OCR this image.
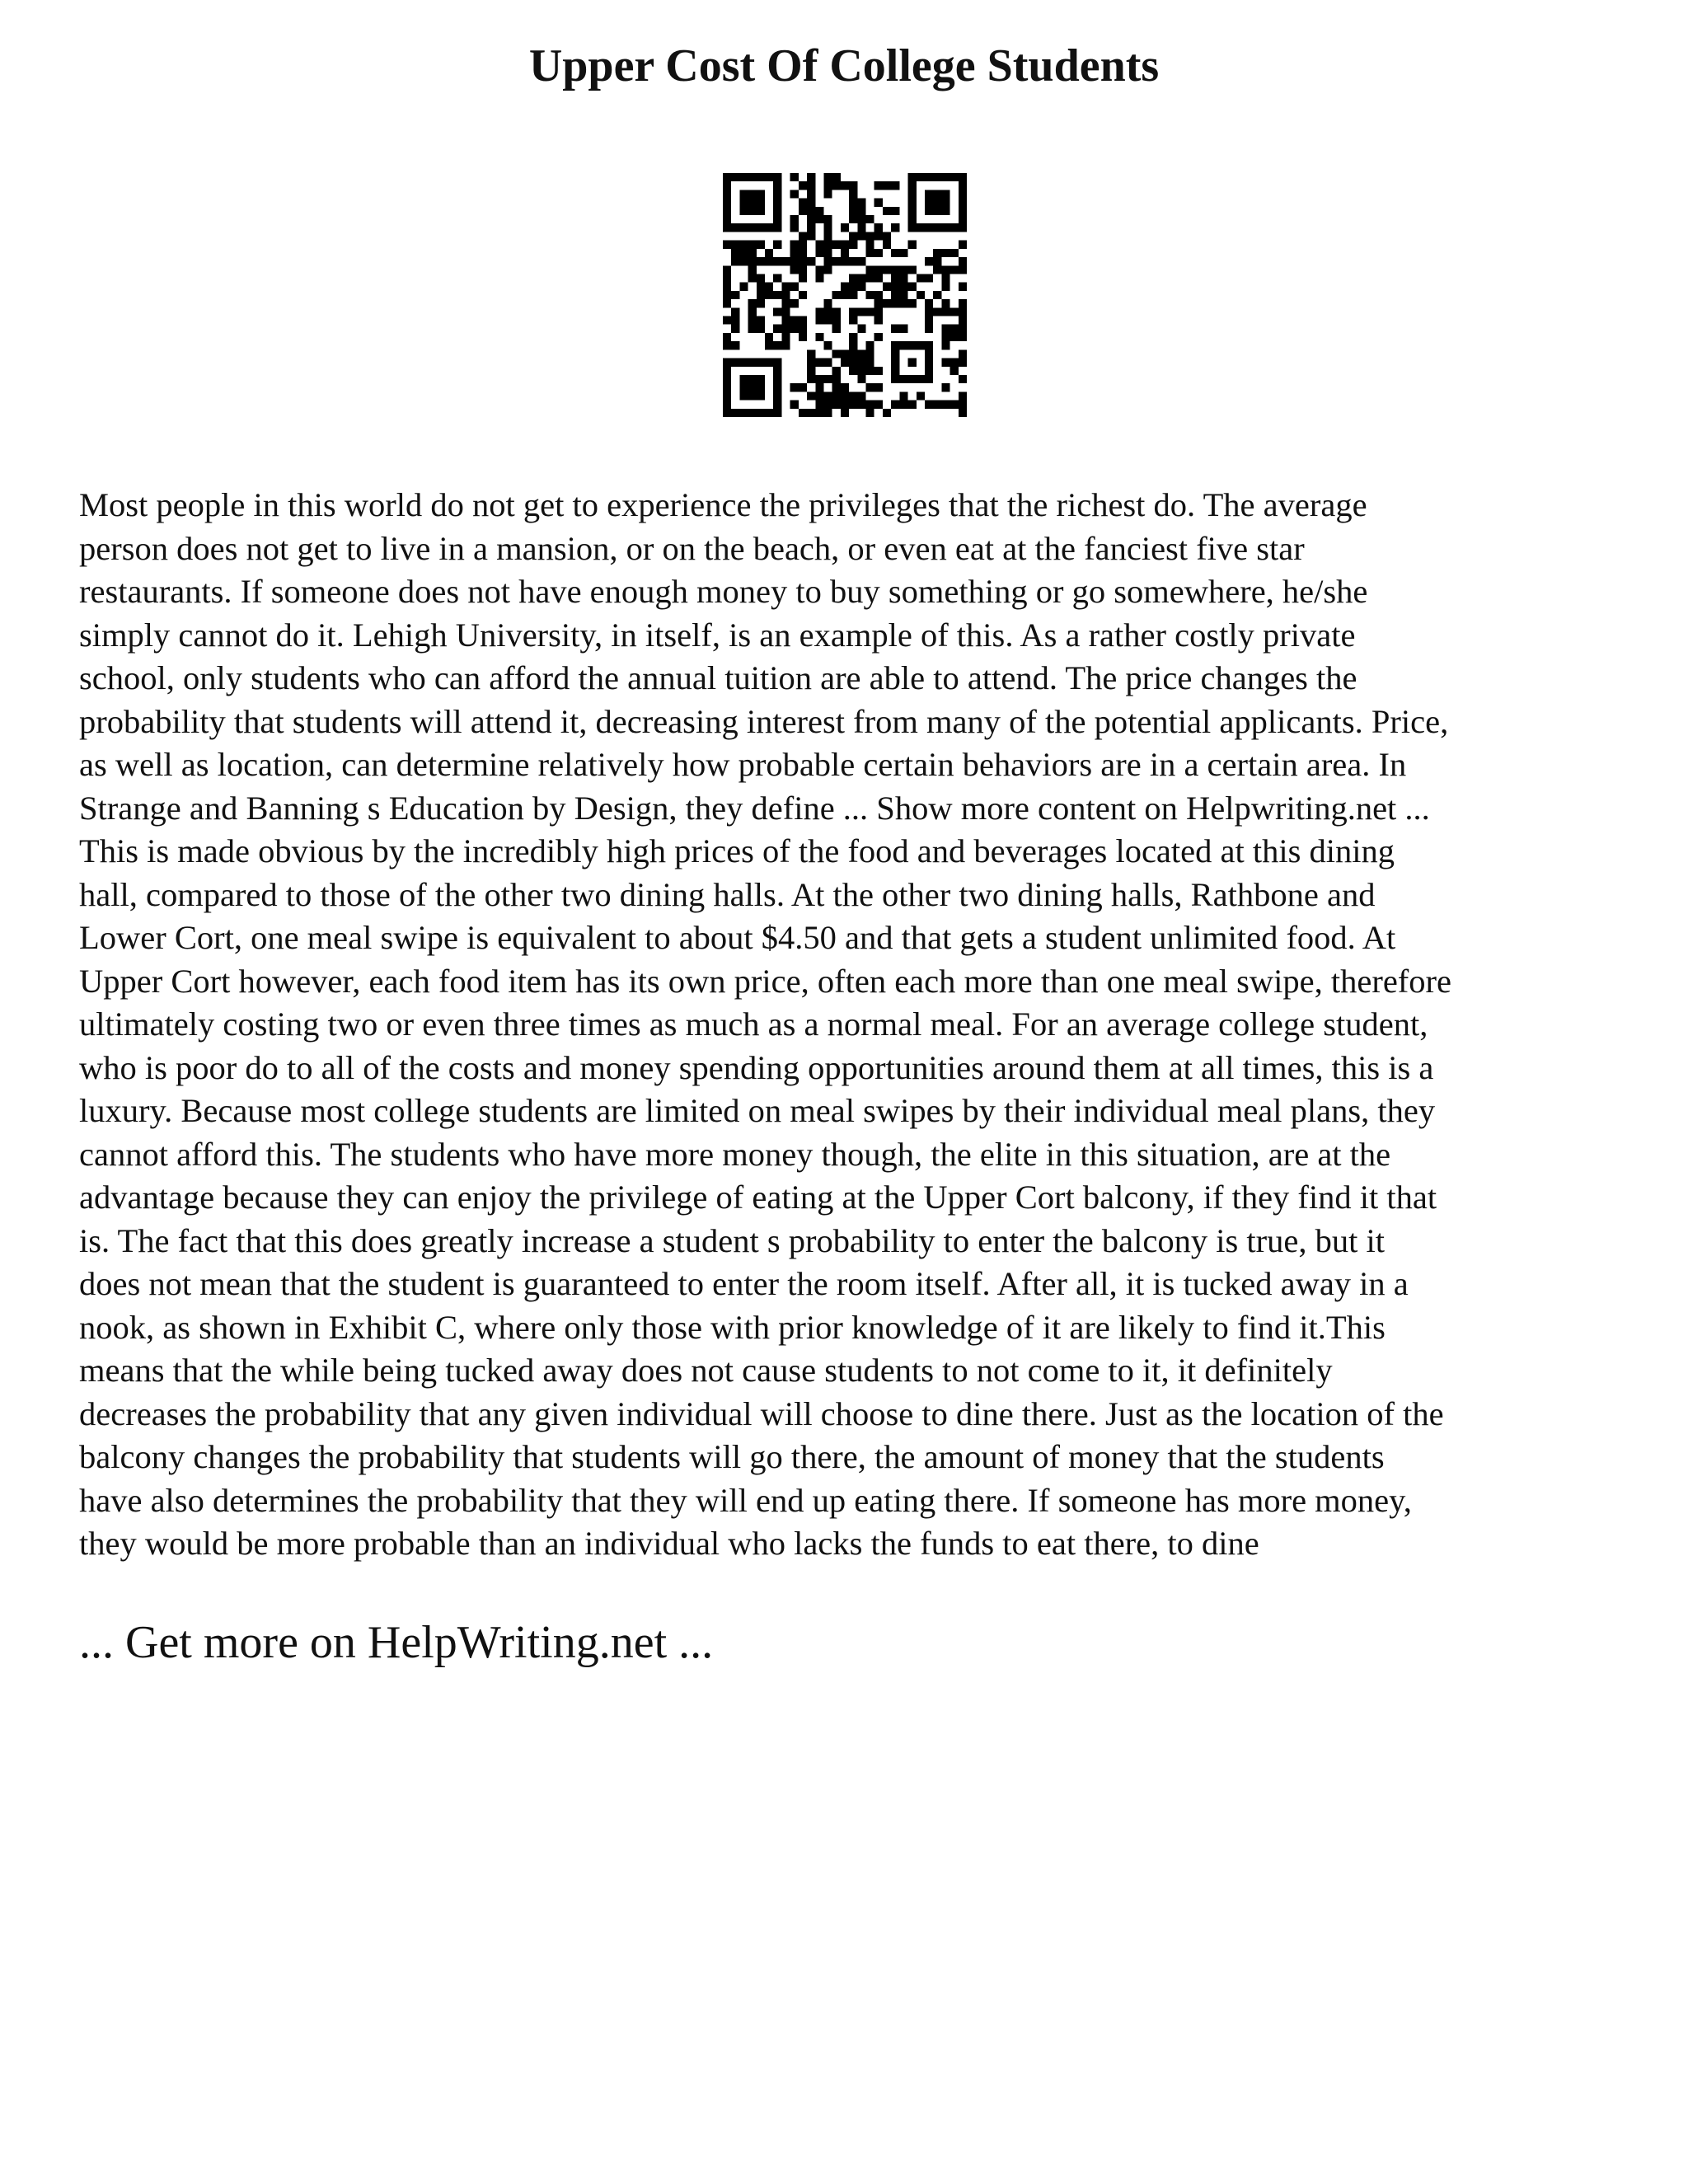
Upper Cost Of College Students
Most people in this world do not get to experience the privileges that the richest do. The average
person does not get to live in a mansion, or on the beach, or even eat at the fanciest five star
restaurants. If someone does not have enough money to buy something or go somewhere, he/she
simply cannot do it. Lehigh University, in itself, is an example of this. As a rather costly private
school, only students who can afford the annual tuition are able to attend. The price changes the
probability that students will attend it, decreasing interest from many of the potential applicants. Price,
as well as location, can determine relatively how probable certain behaviors are in a certain area. In
Strange and Banning s Education by Design, they define ... Show more content on Helpwriting.net ...
This is made obvious by the incredibly high prices of the food and beverages located at this dining
hall, compared to those of the other two dining halls. At the other two dining halls, Rathbone and
Lower Cort, one meal swipe is equivalent to about $4.50 and that gets a student unlimited food. At
Upper Cort however, each food item has its own price, often each more than one meal swipe, therefore
ultimately costing two or even three times as much as a normal meal. For an average college student,
who is poor do to all of the costs and money spending opportunities around them at all times, this is a
luxury. Because most college students are limited on meal swipes by their individual meal plans, they
cannot afford this. The students who have more money though, the elite in this situation, are at the
advantage because they can enjoy the privilege of eating at the Upper Cort balcony, if they find it that
is. The fact that this does greatly increase a student s probability to enter the balcony is true, but it
does not mean that the student is guaranteed to enter the room itself. After all, it is tucked away in a
nook, as shown in Exhibit C, where only those with prior knowledge of it are likely to find it.This
means that the while being tucked away does not cause students to not come to it, it definitely
decreases the probability that any given individual will choose to dine there. Just as the location of the
balcony changes the probability that students will go there, the amount of money that the students
have also determines the probability that they will end up eating there. If someone has more money,
they would be more probable than an individual who lacks the funds to eat there, to dine
... Get more on HelpWriting.net ...
